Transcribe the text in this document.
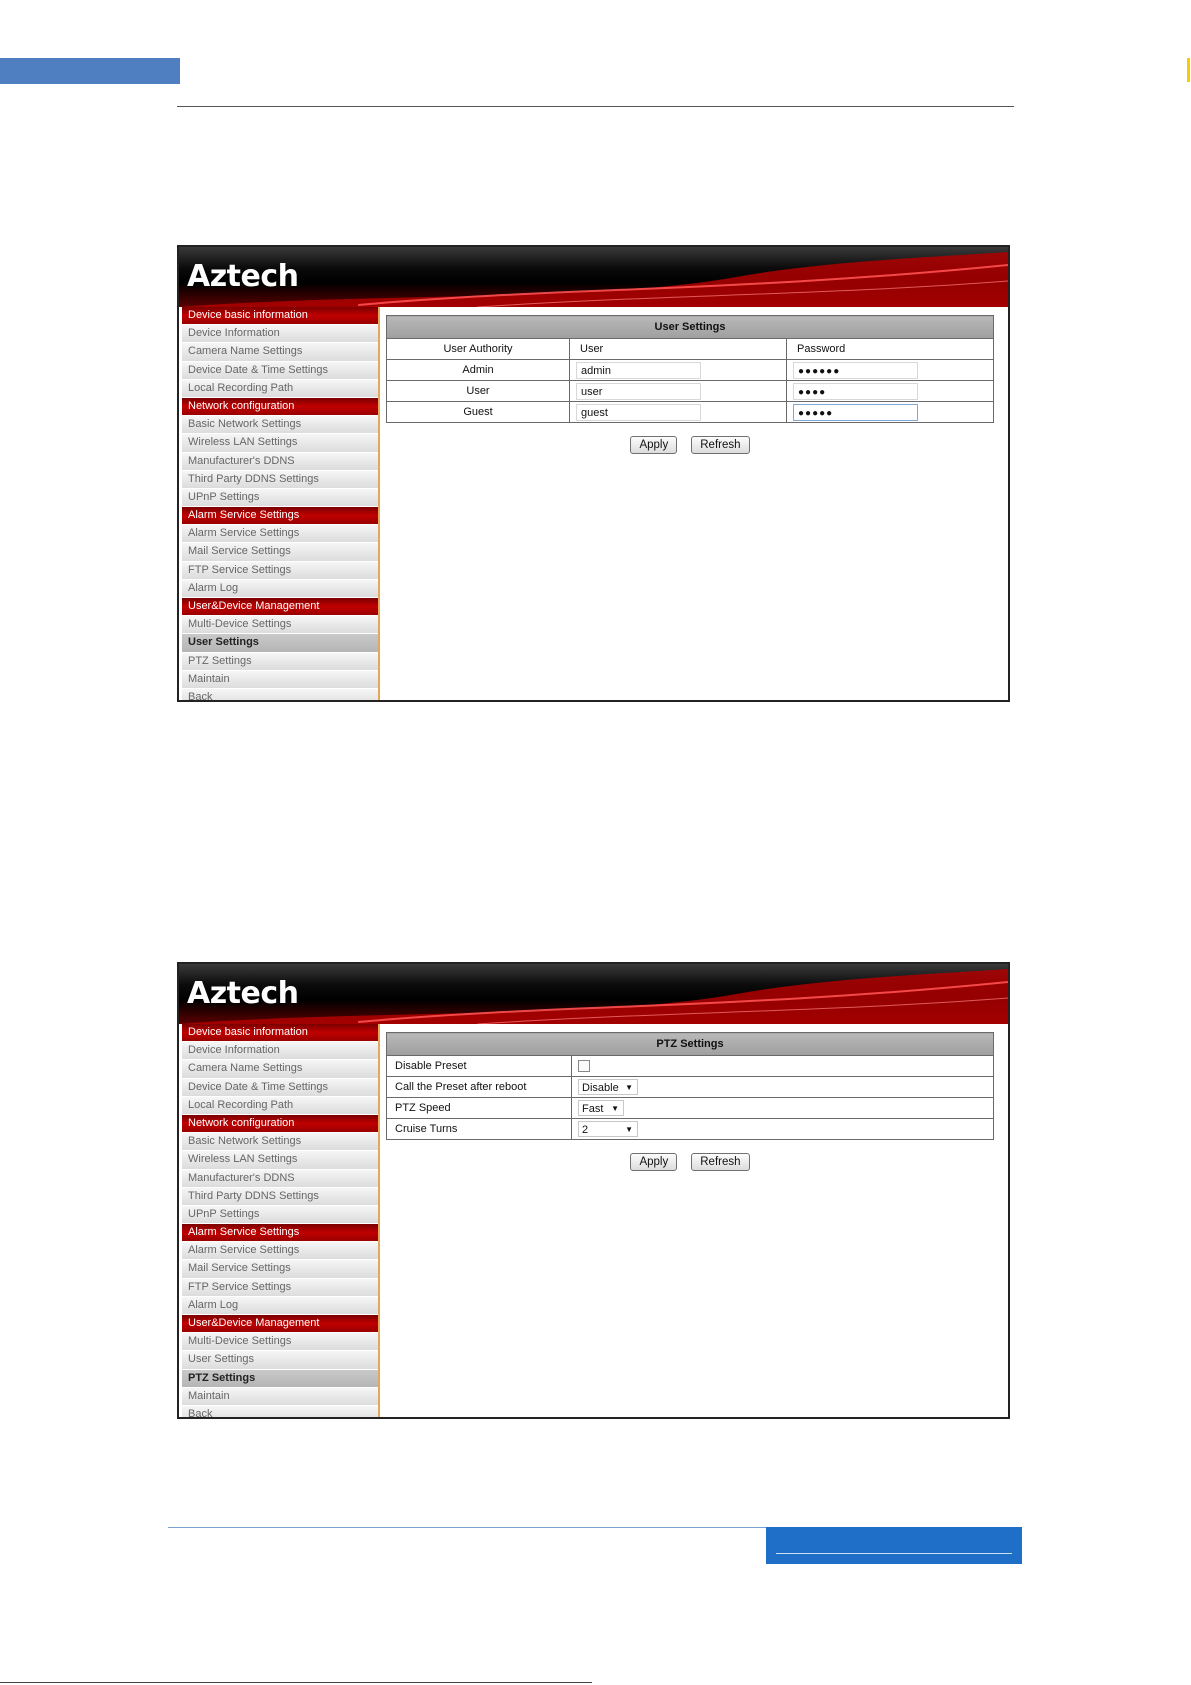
Aztech
Device basic information
Device Information
Camera Name Settings
Device Date & Time Settings
Local Recording Path
Network configuration
Basic Network Settings
Wireless LAN Settings
Manufacturer's DDNS
Third Party DDNS Settings
UPnP Settings
Alarm Service Settings
Alarm Service Settings
Mail Service Settings
FTP Service Settings
Alarm Log
User&Device Management
Multi-Device Settings
User Settings
PTZ Settings
Maintain
Back
User Settings		
User Authority	User	Password
Admin	admin	●●●●●●
User	user	●●●●
Guest	guest	●●●●●
Apply	Refresh
Aztech
Device basic information
Device Information
Camera Name Settings
Device Date & Time Settings
Local Recording Path
Network configuration
Basic Network Settings
Wireless LAN Settings
Manufacturer's DDNS
Third Party DDNS Settings
UPnP Settings
Alarm Service Settings
Alarm Service Settings
Mail Service Settings
FTP Service Settings
Alarm Log
User&Device Management
Multi-Device Settings
User Settings
PTZ Settings
Maintain
Back
PTZ Settings	
Disable Preset	
Call the Preset after reboot	Disable ▼

PTZ Speed	Fast ▼

Cruise Turns	2 ▼
Apply	Refresh
